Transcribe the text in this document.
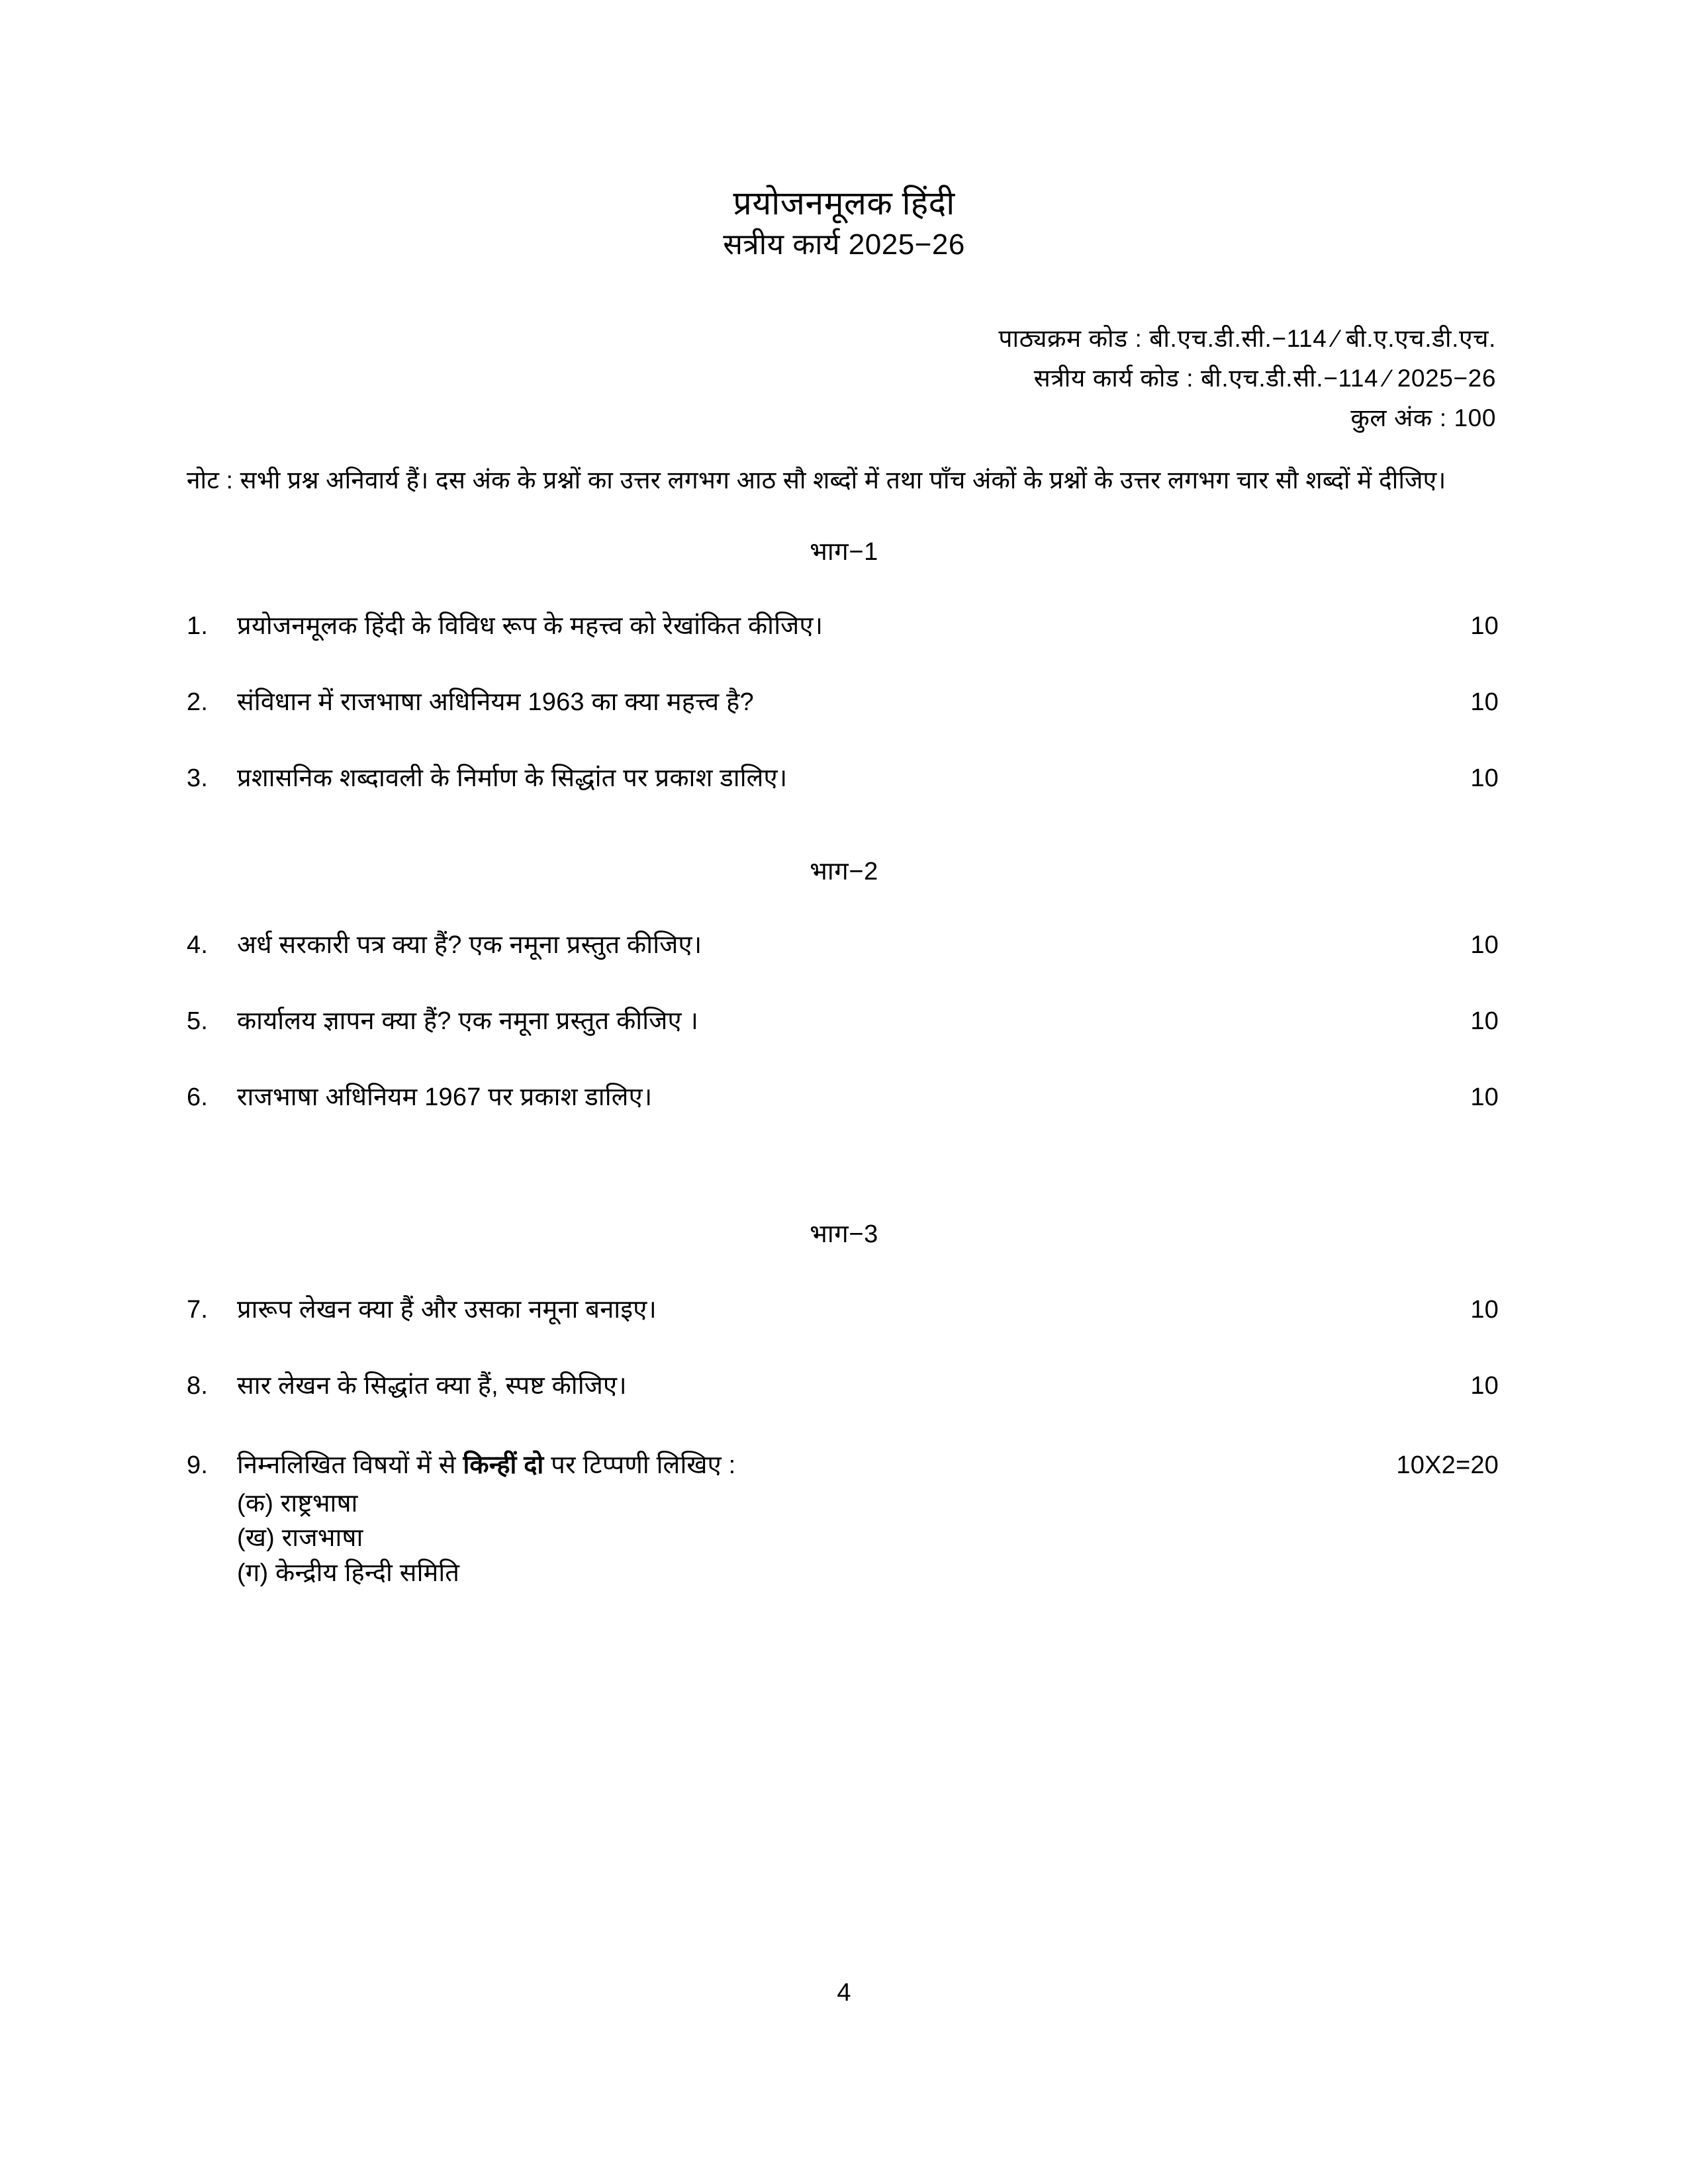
प्रयोजनमूलक हिंदी
सत्रीय कार्य 2025−26
पाठ्यक्रम कोड : बी.एच.डी.सी.−114 ⁄ बी.ए.एच.डी.एच.
सत्रीय कार्य कोड : बी.एच.डी.सी.−114 ⁄ 2025−26
कुल अंक : 100
नोट : सभी प्रश्न अनिवार्य हैं। दस अंक के प्रश्नों का उत्तर लगभग आठ सौ शब्दों में तथा पाँच अंकों के प्रश्नों के उत्तर लगभग चार सौ शब्दों में दीजिए।
भाग−1
भाग−2
भाग−3
1.	प्रयोजनमूलक हिंदी के विविध रूप के महत्त्व को रेखांकित कीजिए।	10
2.	संविधान में राजभाषा अधिनियम 1963 का क्या महत्त्व है?	10
3.	प्रशासनिक शब्दावली के निर्माण के सिद्धांत पर प्रकाश डालिए।	10
4.	अर्ध सरकारी पत्र क्या हैं? एक नमूना प्रस्तुत कीजिए।	10
5.	कार्यालय ज्ञापन क्या हैं? एक नमूना प्रस्तुत कीजिए ।	10
6.	राजभाषा अधिनियम 1967 पर प्रकाश डालिए।	10
7.	प्रारूप लेखन क्या हैं और उसका नमूना बनाइए।	10
8.	सार लेखन के सिद्धांत क्या हैं, स्पष्ट कीजिए।	10
9.	निम्नलिखित विषयों में से किन्हीं दो पर टिप्पणी लिखिए :	10X2=20
(क) राष्ट्रभाषा
(ख) राजभाषा
(ग) केन्द्रीय हिन्दी समिति
4
